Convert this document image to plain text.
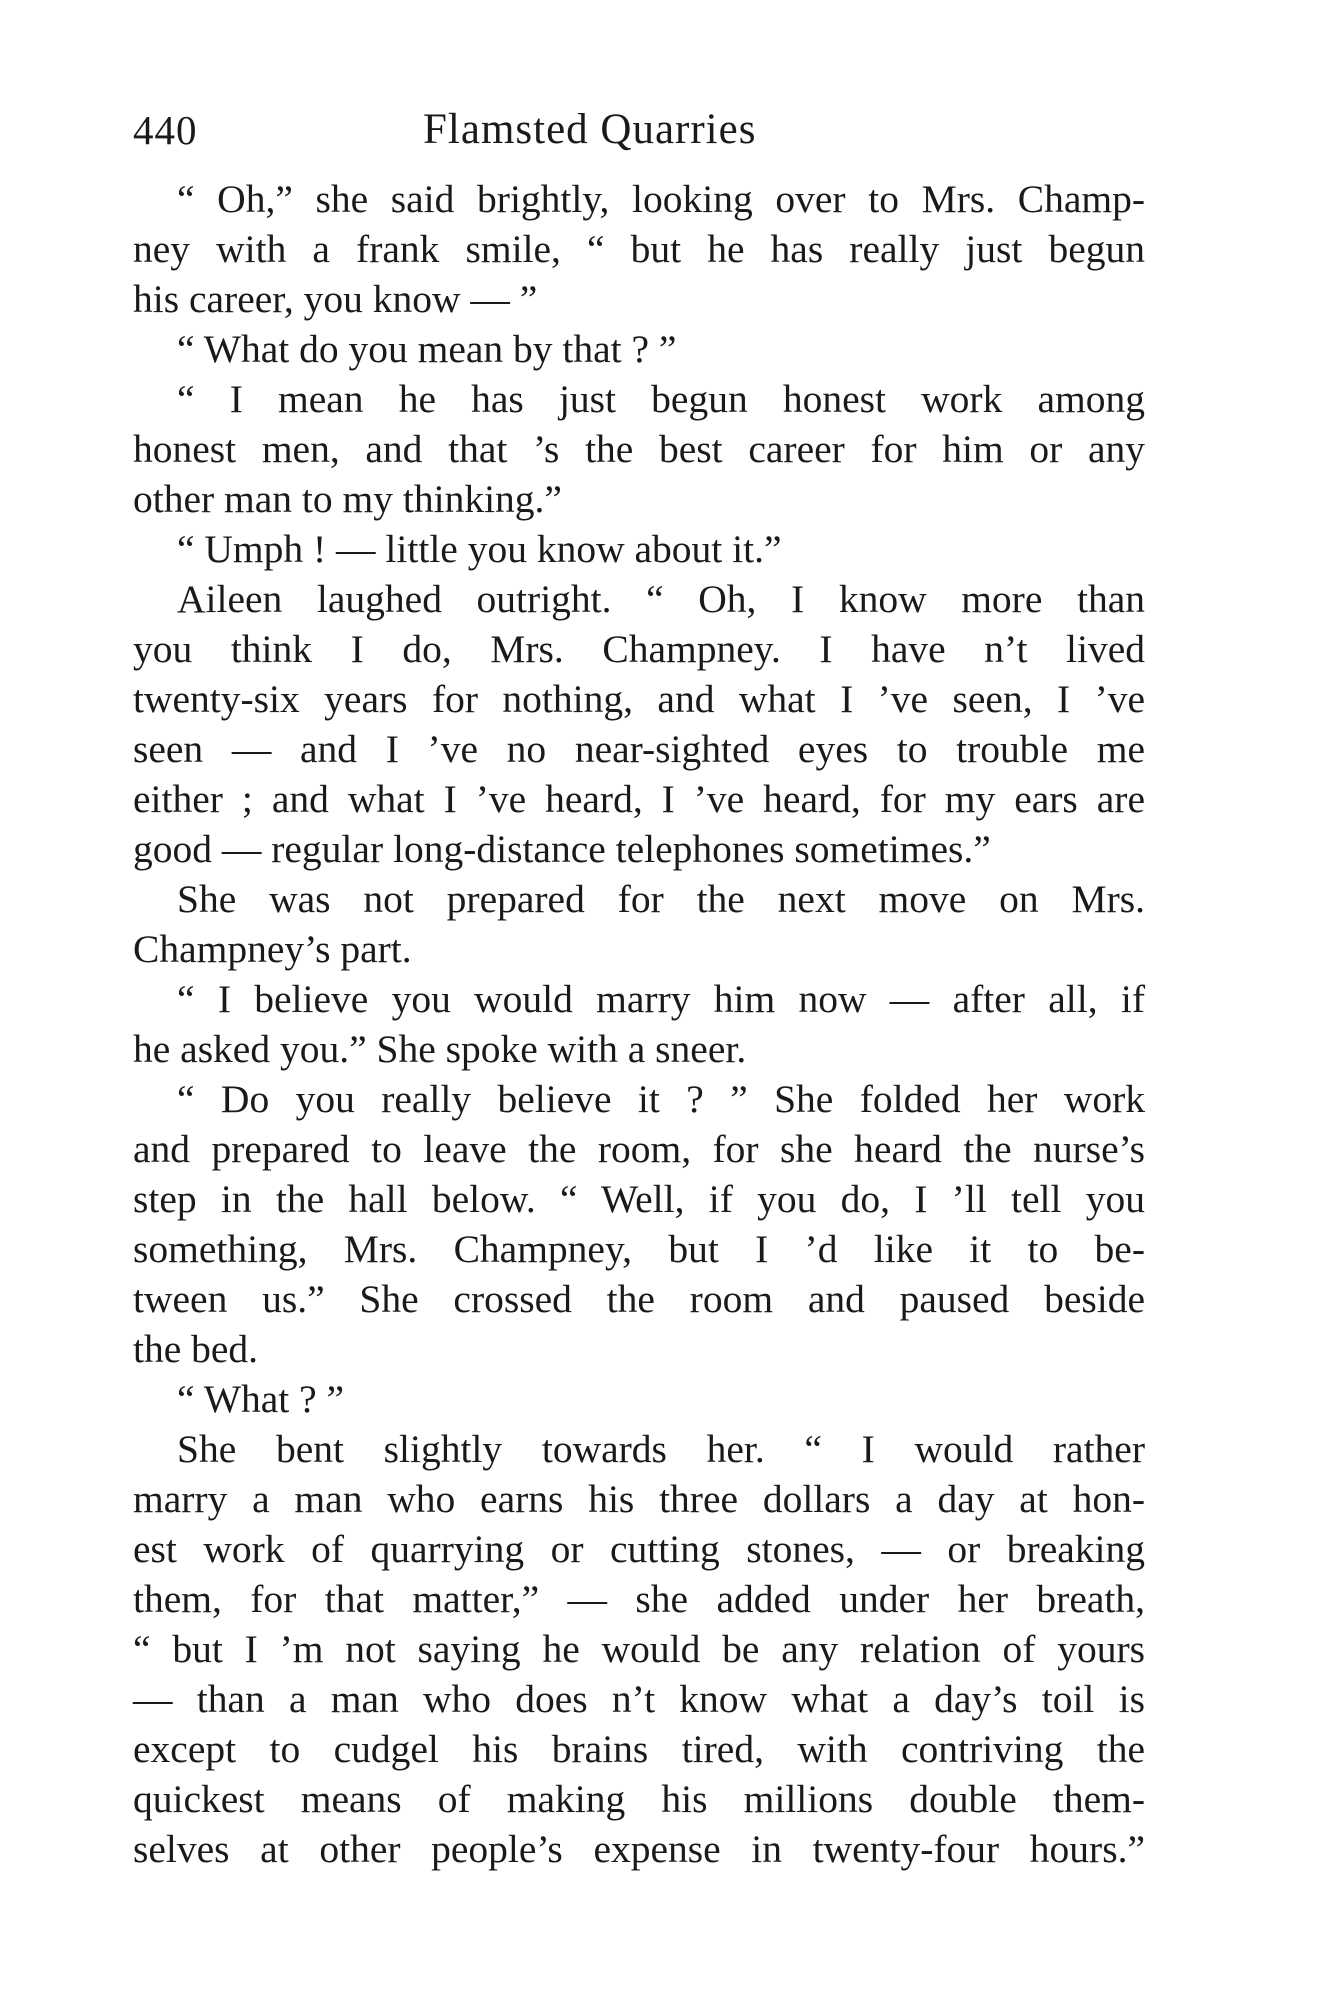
440	Flamsted Quarries
“ Oh,” she said brightly, looking over to Mrs. Champ-
ney with a frank smile, “ but he has really just begun
his career, you know — ”
“ What do you mean by that ? ”
“ I mean he has just begun honest work among
honest men, and that ’s the best career for him or any
other man to my thinking.”
“ Umph ! — little you know about it.”
Aileen laughed outright. “ Oh, I know more than
you think I do, Mrs. Champney. I have n’t lived
twenty-six years for nothing, and what I ’ve seen, I ’ve
seen — and I ’ve no near-sighted eyes to trouble me
either ; and what I ’ve heard, I ’ve heard, for my ears are
good — regular long-distance telephones sometimes.”
She was not prepared for the next move on Mrs.
Champney’s part.
“ I believe you would marry him now — after all, if
he asked you.” She spoke with a sneer.
“ Do you really believe it ? ” She folded her work
and prepared to leave the room, for she heard the nurse’s
step in the hall below. “ Well, if you do, I ’ll tell you
something, Mrs. Champney, but I ’d like it to be-
tween us.” She crossed the room and paused beside
the bed.
“ What ? ”
She bent slightly towards her. “ I would rather
marry a man who earns his three dollars a day at hon-
est work of quarrying or cutting stones, — or breaking
them, for that matter,” — she added under her breath,
“ but I ’m not saying he would be any relation of yours
— than a man who does n’t know what a day’s toil is
except to cudgel his brains tired, with contriving the
quickest means of making his millions double them-
selves at other people’s expense in twenty-four hours.”
